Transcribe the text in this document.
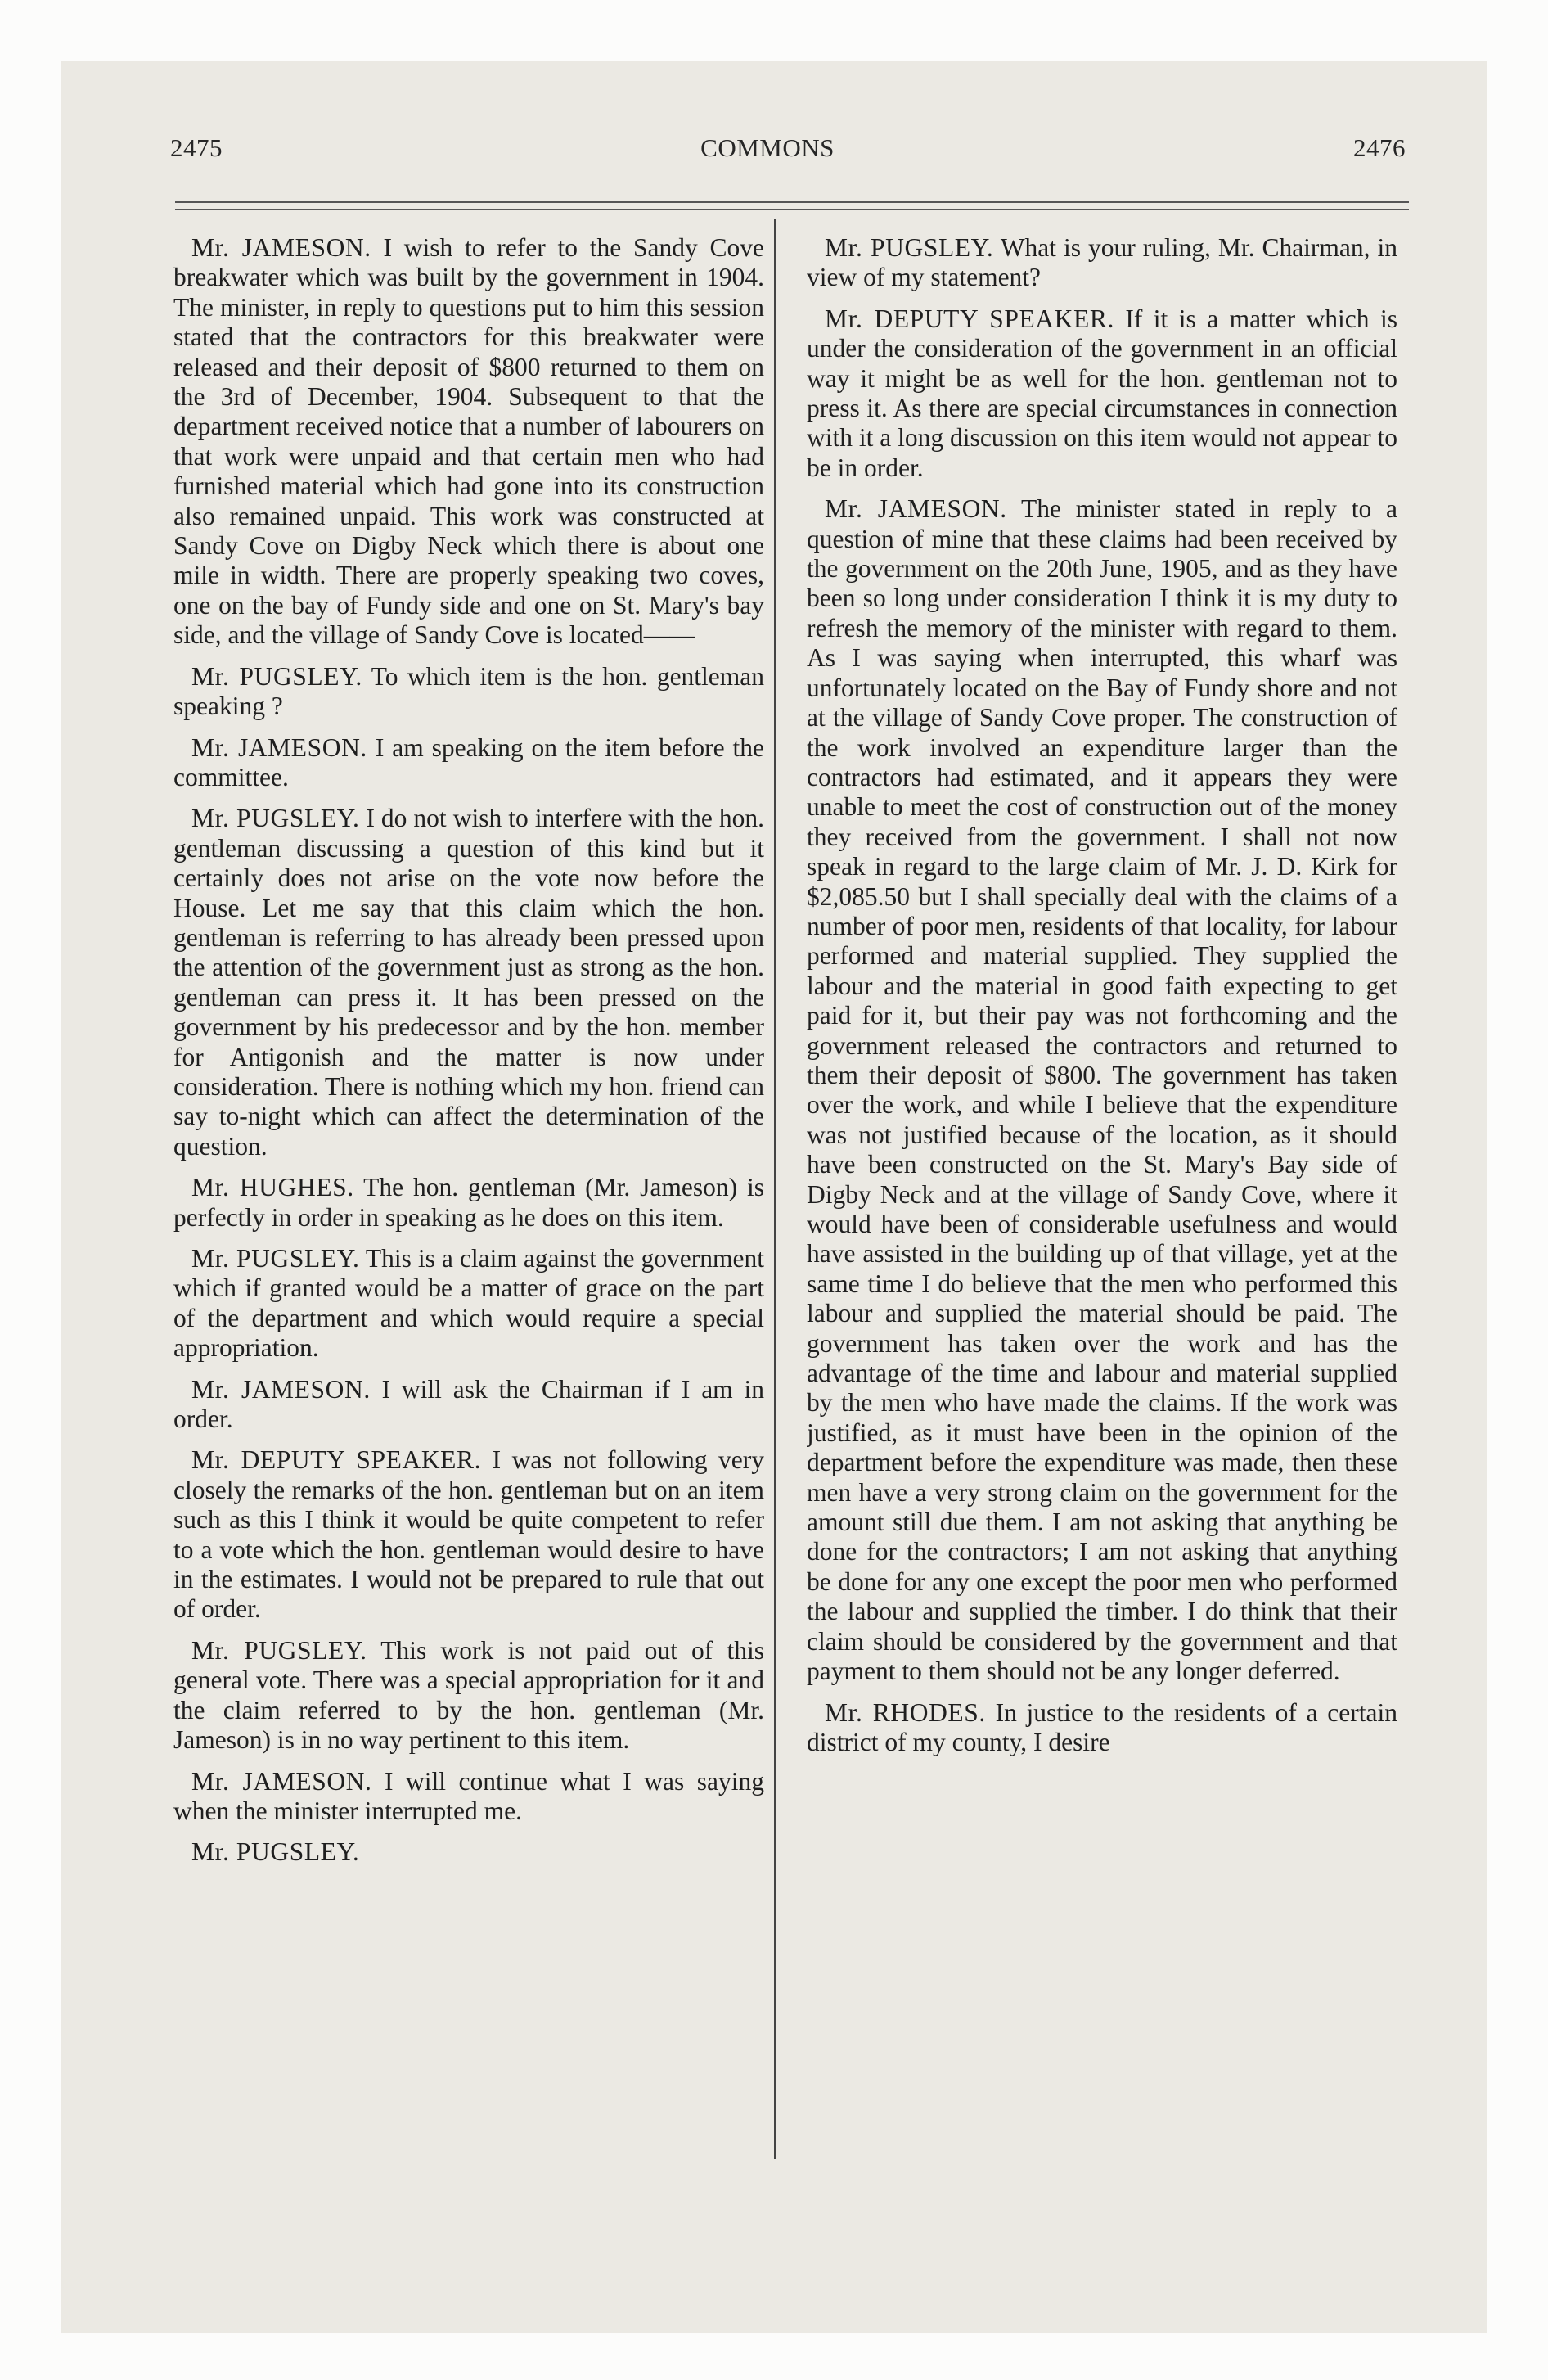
2475	COMMONS	2476

Mr. JAMESON. I wish to refer to the Sandy Cove breakwater which was built by the government in 1904. The minister, in reply to questions put to him this session stated that the contractors for this breakwater were released and their deposit of $800 returned to them on the 3rd of December, 1904. Subsequent to that the department received notice that a number of labourers on that work were unpaid and that certain men who had furnished material which had gone into its construction also remained unpaid. This work was constructed at Sandy Cove on Digby Neck which there is about one mile in width. There are properly speaking two coves, one on the bay of Fundy side and one on St. Mary's bay side, and the village of Sandy Cove is located——

Mr. PUGSLEY. To which item is the hon. gentleman speaking ?

Mr. JAMESON. I am speaking on the item before the committee.

Mr. PUGSLEY. I do not wish to interfere with the hon. gentleman discussing a question of this kind but it certainly does not arise on the vote now before the House. Let me say that this claim which the hon. gentleman is referring to has already been pressed upon the attention of the government just as strong as the hon. gentleman can press it. It has been pressed on the government by his predecessor and by the hon. member for Antigonish and the matter is now under consideration. There is nothing which my hon. friend can say to-night which can affect the determination of the question.

Mr. HUGHES. The hon. gentleman (Mr. Jameson) is perfectly in order in speaking as he does on this item.

Mr. PUGSLEY. This is a claim against the government which if granted would be a matter of grace on the part of the department and which would require a special appropriation.

Mr. JAMESON. I will ask the Chairman if I am in order.

Mr. DEPUTY SPEAKER. I was not following very closely the remarks of the hon. gentleman but on an item such as this I think it would be quite competent to refer to a vote which the hon. gentleman would desire to have in the estimates. I would not be prepared to rule that out of order.

Mr. PUGSLEY. This work is not paid out of this general vote. There was a special appropriation for it and the claim referred to by the hon. gentleman (Mr. Jameson) is in no way pertinent to this item.

Mr. JAMESON. I will continue what I was saying when the minister interrupted me.

Mr. PUGSLEY.

Mr. PUGSLEY. What is your ruling, Mr. Chairman, in view of my statement?

Mr. DEPUTY SPEAKER. If it is a matter which is under the consideration of the government in an official way it might be as well for the hon. gentleman not to press it. As there are special circumstances in connection with it a long discussion on this item would not appear to be in order.

Mr. JAMESON. The minister stated in reply to a question of mine that these claims had been received by the government on the 20th June, 1905, and as they have been so long under consideration I think it is my duty to refresh the memory of the minister with regard to them. As I was saying when interrupted, this wharf was unfortunately located on the Bay of Fundy shore and not at the village of Sandy Cove proper. The construction of the work involved an expenditure larger than the contractors had estimated, and it appears they were unable to meet the cost of construction out of the money they received from the government. I shall not now speak in regard to the large claim of Mr. J. D. Kirk for $2,085.50 but I shall specially deal with the claims of a number of poor men, residents of that locality, for labour performed and material supplied. They supplied the labour and the material in good faith expecting to get paid for it, but their pay was not forthcoming and the government released the contractors and returned to them their deposit of $800. The government has taken over the work, and while I believe that the expenditure was not justified because of the location, as it should have been constructed on the St. Mary's Bay side of Digby Neck and at the village of Sandy Cove, where it would have been of considerable usefulness and would have assisted in the building up of that village, yet at the same time I do believe that the men who performed this labour and supplied the material should be paid. The government has taken over the work and has the advantage of the time and labour and material supplied by the men who have made the claims. If the work was justified, as it must have been in the opinion of the department before the expenditure was made, then these men have a very strong claim on the government for the amount still due them. I am not asking that anything be done for the contractors; I am not asking that anything be done for any one except the poor men who performed the labour and supplied the timber. I do think that their claim should be considered by the government and that payment to them should not be any longer deferred.

Mr. RHODES. In justice to the residents of a certain district of my county, I desire
